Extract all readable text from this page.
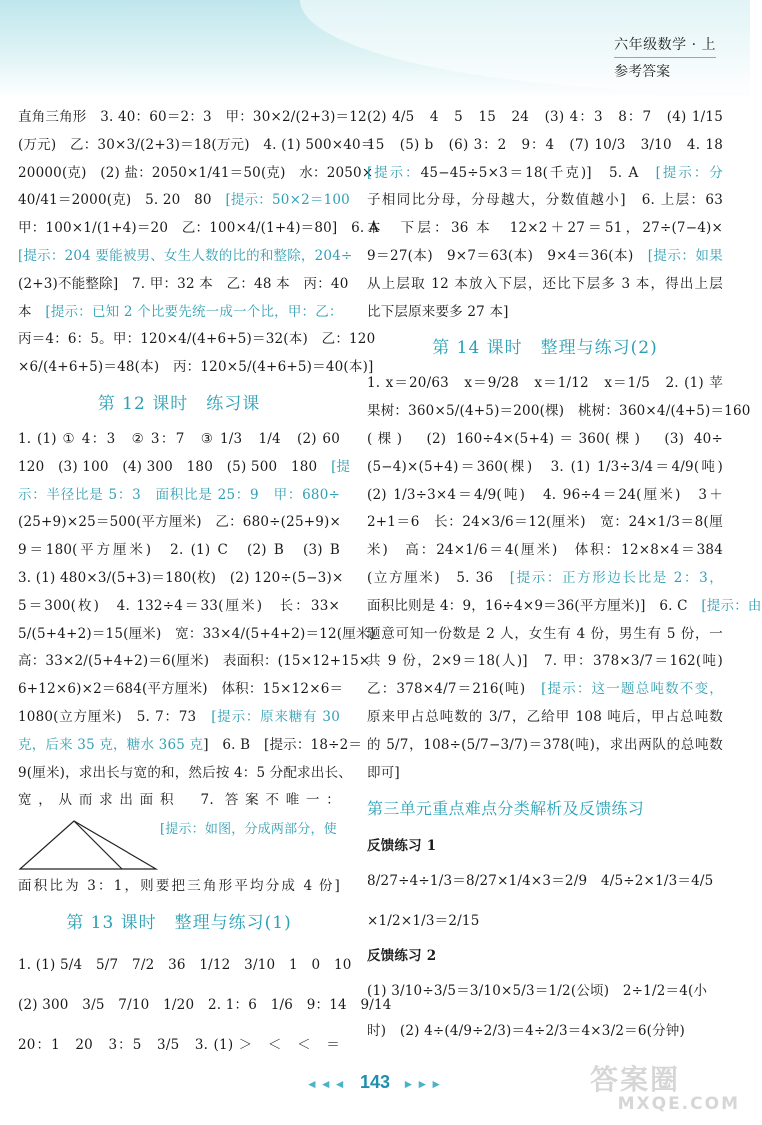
六年级数学 · 上
参考答案
直角三角形　3. 40：60＝2：3　甲：30×2/(2+3)＝12
(万元)　乙：30×3/(2+3)＝18(万元)　4. (1) 500×40＝
20000(克)　(2) 盐：2050×1/41＝50(克)　水：2050×
40/41＝2000(克)　5. 20　80　 [提示：50×2＝100
甲：100×1/(1+4)＝20　乙：100×4/(1+4)＝80]　6. A
[提示：204 要能被男、女生人数的比的和整除，204÷
(2+3)不能整除]　7. 甲：32 本　乙：48 本　丙：40
本　 [提示：已知 2 个比要先统一成一个比，甲：乙：
丙＝4：6：5。甲：120×4/(4+6+5)＝32(本)　乙：120
×6/(4+6+5)＝48(本)　丙：120×5/(4+6+5)＝40(本)]
第 12 课时　练习课
1. (1) ① 4：3　② 3：7　③ 1/3　1/4　(2) 60
120　(3) 100　(4) 300　180　(5) 500　180　 [提
示：半径比是 5：3　面积比是 25：9　甲：680÷
(25+9)×25＝500(平方厘米)　乙：680÷(25+9)×
9＝180(平方厘米)　2. (1) C　(2) B　(3) B
3. (1) 480×3/(5+3)＝180(枚)　(2) 120÷(5−3)×
5＝300(枚)　4. 132÷4＝33(厘米)　长：33×
5/(5+4+2)＝15(厘米)　宽：33×4/(5+4+2)＝12(厘米)
高：33×2/(5+4+2)＝6(厘米)　表面积：(15×12+15×
6+12×6)×2＝684(平方厘米)　体积：15×12×6＝
1080(立方厘米)　5. 7：73　 [提示：原来糖有 30
克，后来 35 克，糖水 365 克]　6. B　[提示：18÷2＝
9(厘米)，求出长与宽的和，然后按 4：5 分配求出长、
宽，从而求出面积　7. 答案不唯一：
[提示：如图，分成两部分，使
面积比为 3：1，则要把三角形平均分成 4 份]
第 13 课时　整理与练习(1)
1. (1) 5/4　5/7　7/2　36　1/12　3/10　1　0　10
(2) 300　3/5　7/10　1/20　2. 1：6　1/6　9：14　9/14
20：1　20　3：5　3/5　3. (1) ＞　＜　＜　＝
(2) 4/5　4　5　15　24　(3) 4：3　8：7　(4) 1/15
15　(5) b　(6) 3：2　9：4　(7) 10/3　3/10　4. 18
[提示：45−45÷5×3＝18(千克)]　5. A　 [提示：分
子相同比分母，分母越大，分数值越小]　6. 上层：63
本　下层：36 本　12×2＋27＝51，27÷(7−4)×
9＝27(本)　9×7＝63(本)　9×4＝36(本)　 [提示：如果
从上层取 12 本放入下层，还比下层多 3 本，得出上层
比下层原来要多 27 本]
第 14 课时　整理与练习(2)
1. x＝20/63　x＝9/28　x＝1/12　x＝1/5　2. (1) 苹
果树：360×5/(4+5)＝200(棵)　桃树：360×4/(4+5)＝160
(棵)　(2) 160÷4×(5+4)＝360(棵)　(3) 40÷
(5−4)×(5+4)＝360(棵)　3. (1) 1/3÷3/4＝4/9(吨)
(2) 1/3÷3×4＝4/9(吨)　4. 96÷4＝24(厘米)　3＋
2+1＝6　长：24×3/6＝12(厘米)　宽：24×1/3＝8(厘
米)　高：24×1/6＝4(厘米)　体积：12×8×4＝384
(立方厘米)　5. 36　 [提示：正方形边长比是 2：3，
面积比则是 4：9，16÷4×9＝36(平方厘米)]　6. C　 [提示：由
题意可知一份数是 2 人，女生有 4 份，男生有 5 份，一
共 9 份，2×9＝18(人)]　7. 甲：378×3/7＝162(吨)
乙：378×4/7＝216(吨)　 [提示：这一题总吨数不变，
原来甲占总吨数的 3/7，乙给甲 108 吨后，甲占总吨数
的 5/7，108÷(5/7−3/7)＝378(吨)，求出两队的总吨数
即可]
第三单元重点难点分类解析及反馈练习
反馈练习 1
8/27÷4÷1/3＝8/27×1/4×3＝2/9　4/5÷2×1/3＝4/5
×1/2×1/3＝2/15
反馈练习 2
(1) 3/10÷3/5＝3/10×5/3＝1/2(公顷)　2÷1/2＝4(小
时)　(2) 4÷(4/9÷2/3)＝4÷2/3＝4×3/2＝6(分钟)
◄◄◄ 143 ►►►	答案圈
MXQE.COM
